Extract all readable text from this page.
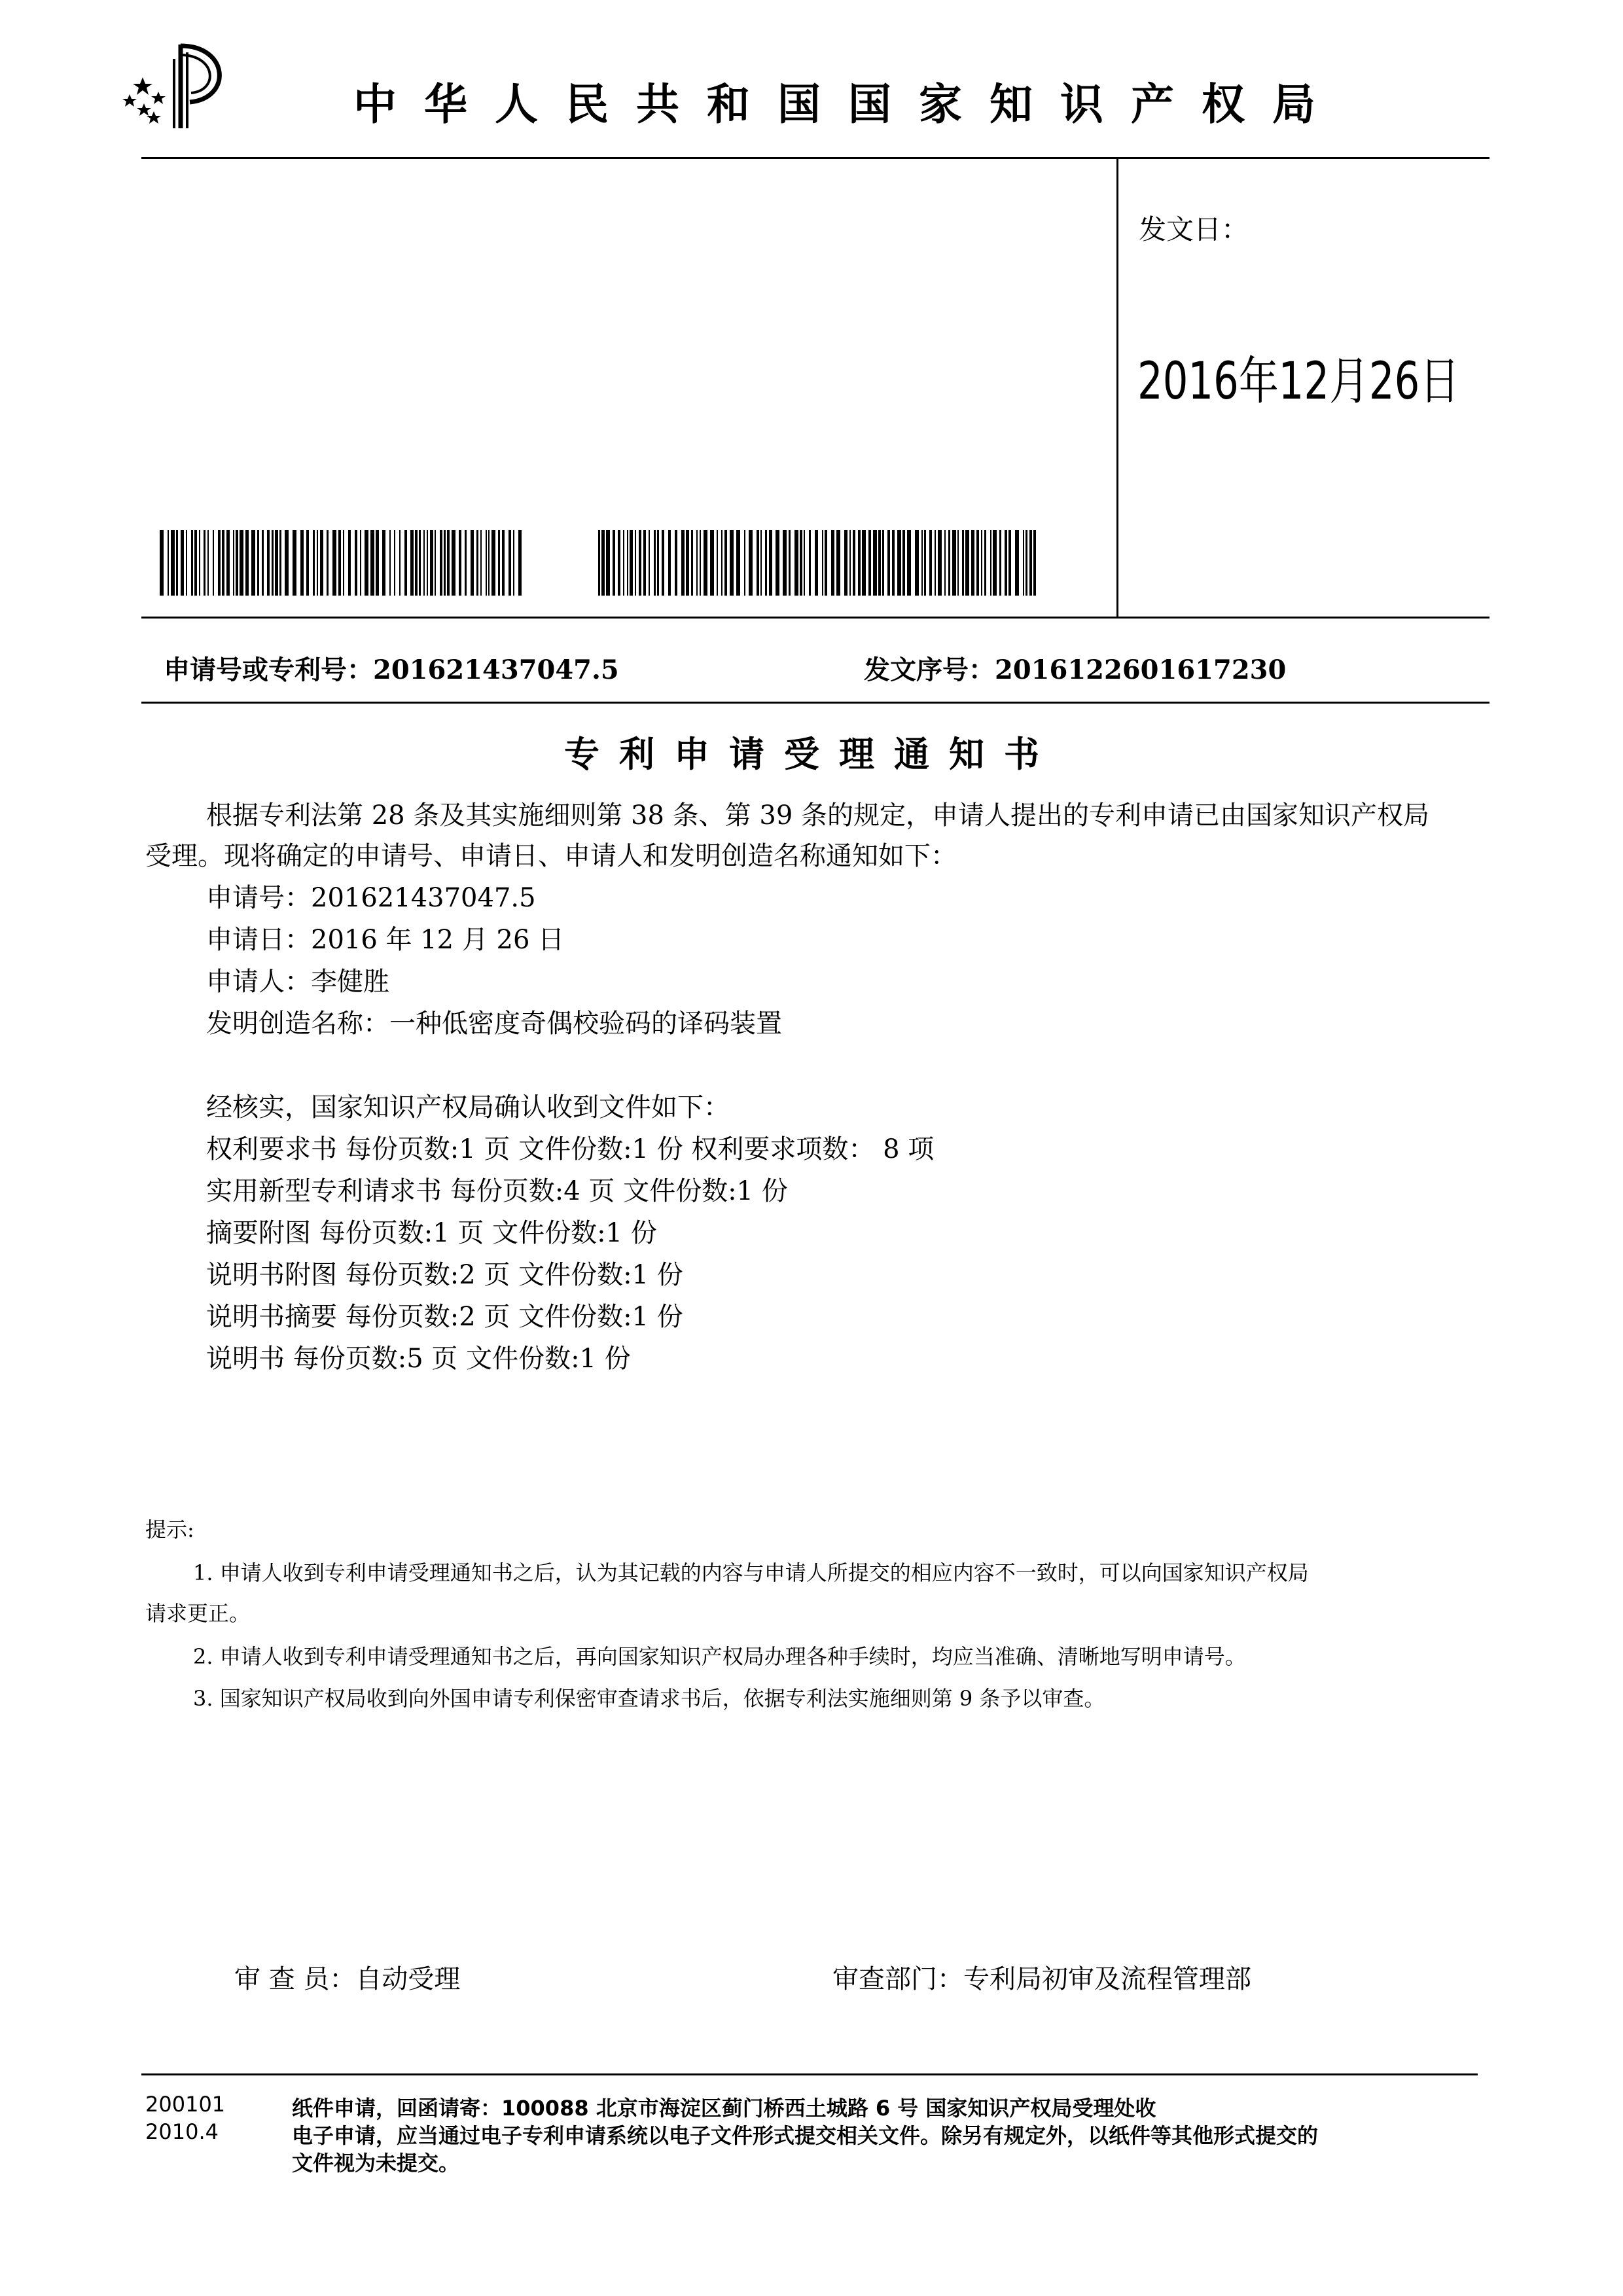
中华人民共和国国家知识产权局
发文日：
2016年12月26日
申请号或专利号：201621437047.5	发文序号：2016122601617230
专利申请受理通知书
根据专利法第 28 条及其实施细则第 38 条、第 39 条的规定，申请人提出的专利申请已由国家知识产权局
受理。现将确定的申请号、申请日、申请人和发明创造名称通知如下：
申请号：201621437047.5
申请日：2016 年 12 月 26 日
申请人：李健胜
发明创造名称：一种低密度奇偶校验码的译码装置
经核实，国家知识产权局确认收到文件如下：
权利要求书 每份页数:1 页 文件份数:1 份 权利要求项数： 8 项
实用新型专利请求书 每份页数:4 页 文件份数:1 份
摘要附图 每份页数:1 页 文件份数:1 份
说明书附图 每份页数:2 页 文件份数:1 份
说明书摘要 每份页数:2 页 文件份数:1 份
说明书 每份页数:5 页 文件份数:1 份
提示:
1. 申请人收到专利申请受理通知书之后，认为其记载的内容与申请人所提交的相应内容不一致时，可以向国家知识产权局
请求更正。
2. 申请人收到专利申请受理通知书之后，再向国家知识产权局办理各种手续时，均应当准确、清晰地写明申请号。
3. 国家知识产权局收到向外国申请专利保密审查请求书后，依据专利法实施细则第 9 条予以审查。
审 查 员：自动受理	审查部门：专利局初审及流程管理部
200101
2010.4
纸件申请，回函请寄：100088 北京市海淀区蓟门桥西土城路 6 号 国家知识产权局受理处收
电子申请，应当通过电子专利申请系统以电子文件形式提交相关文件。除另有规定外，以纸件等其他形式提交的
文件视为未提交。
